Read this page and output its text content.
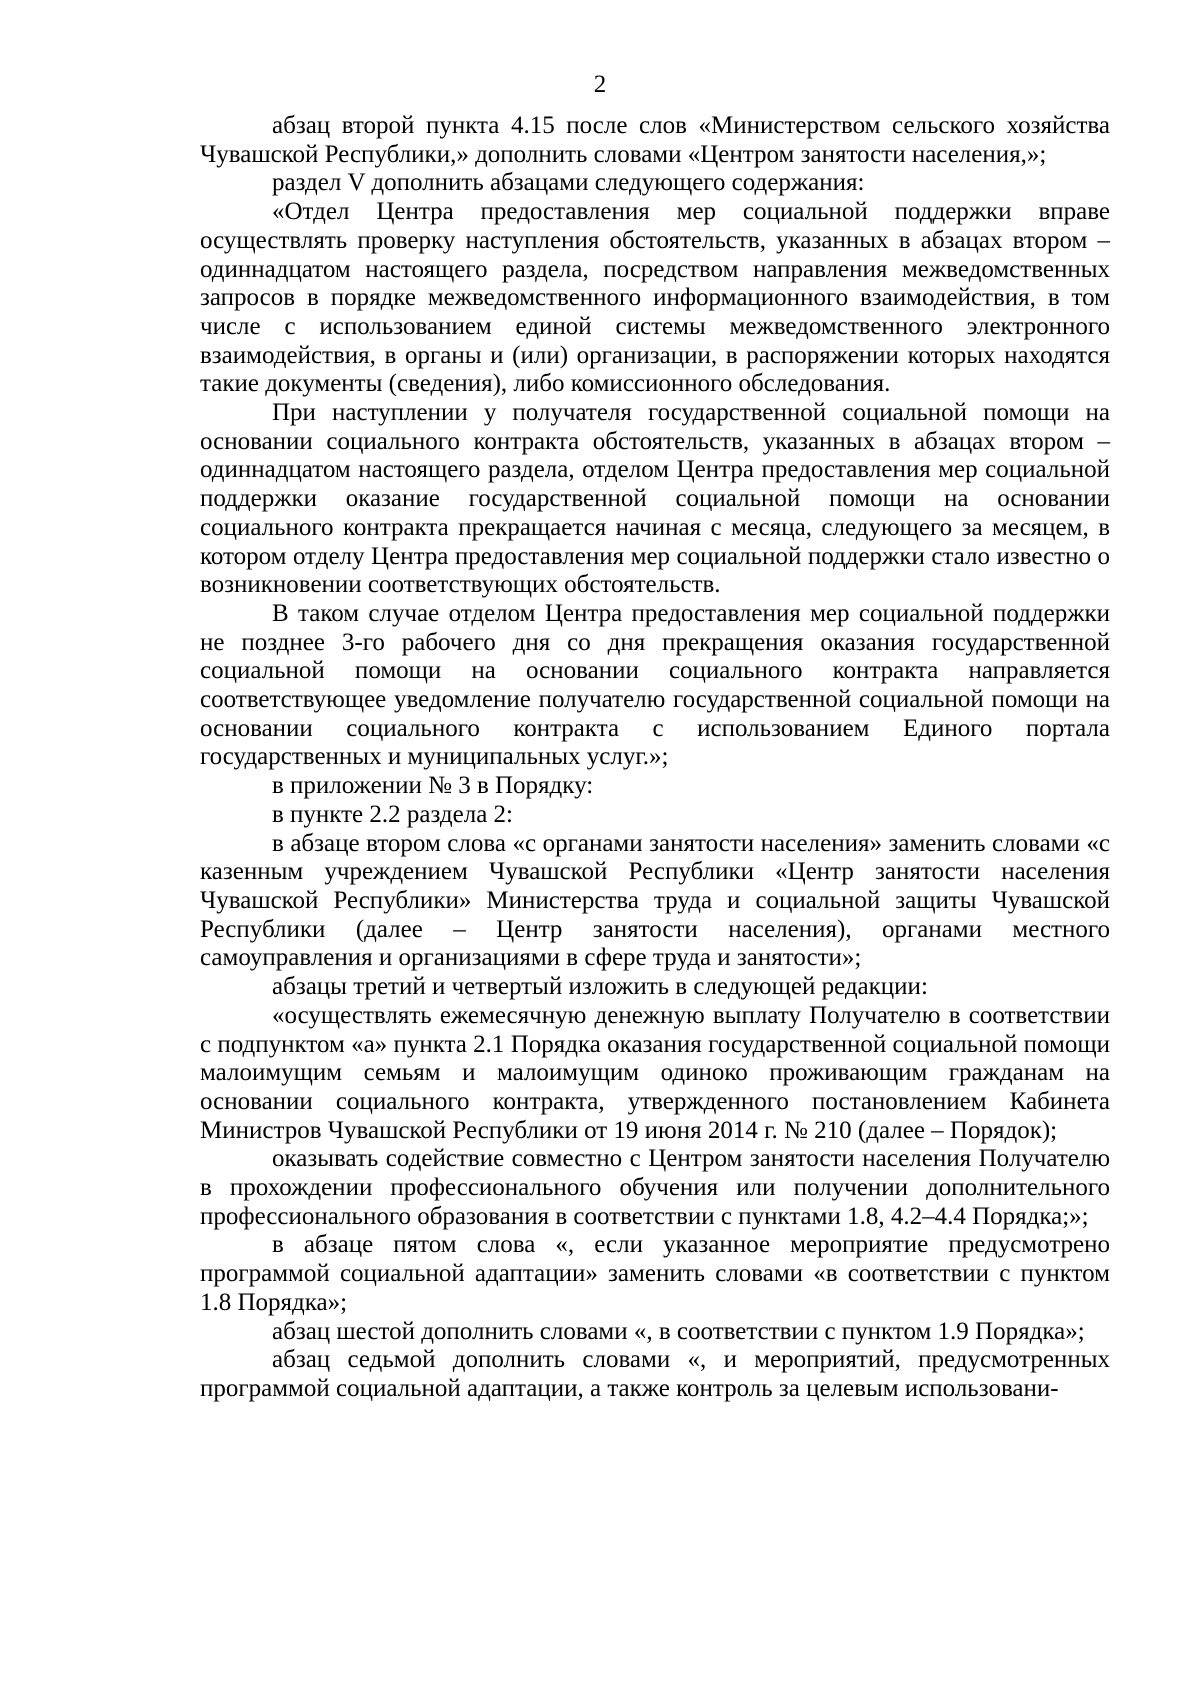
2

абзац второй пункта 4.15 после слов «Министерством сельского хозяйства Чувашской Республики,» дополнить словами «Центром занятости населения,»;

раздел V дополнить абзацами следующего содержания:

«Отдел Центра предоставления мер социальной поддержки вправе осуществлять проверку наступления обстоятельств, указанных в абзацах втором – одиннадцатом настоящего раздела, посредством направления межведомственных запросов в порядке межведомственного информационного взаимодействия, в том числе с использованием единой системы межведомственного электронного взаимодействия, в органы и (или) организации, в распоряжении которых находятся такие документы (сведения), либо комиссионного обследования.

При наступлении у получателя государственной социальной помощи на основании социального контракта обстоятельств, указанных в абзацах втором – одиннадцатом настоящего раздела, отделом Центра предоставления мер социальной поддержки оказание государственной социальной помощи на основании социального контракта прекращается начиная с месяца, следующего за месяцем, в котором отделу Центра предоставления мер социальной поддержки стало известно о возникновении соответствующих обстоятельств.

В таком случае отделом Центра предоставления мер социальной поддержки не позднее 3-го рабочего дня со дня прекращения оказания государственной социальной помощи на основании социального контракта направляется соответствующее уведомление получателю государственной социальной помощи на основании социального контракта с использованием Единого портала государственных и муниципальных услуг.»;

в приложении № 3 в Порядку:

в пункте 2.2 раздела 2:

в абзаце втором слова «с органами занятости населения» заменить словами «с казенным учреждением Чувашской Республики «Центр занятости населения Чувашской Республики» Министерства труда и социальной защиты Чувашской Республики (далее – Центр занятости населения), органами местного самоуправления и организациями в сфере труда и занятости»;

абзацы третий и четвертый изложить в следующей редакции:

«осуществлять ежемесячную денежную выплату Получателю в соответствии с подпунктом «а» пункта 2.1 Порядка оказания государственной социальной помощи малоимущим семьям и малоимущим одиноко проживающим гражданам на основании социального контракта, утвержденного постановлением Кабинета Министров Чувашской Республики от 19 июня 2014 г. № 210 (далее – Порядок);

оказывать содействие совместно с Центром занятости населения Получателю в прохождении профессионального обучения или получении дополнительного профессионального образования в соответствии с пунктами 1.8, 4.2–4.4 Порядка;»;

в абзаце пятом слова «, если указанное мероприятие предусмотрено программой социальной адаптации» заменить словами «в соответствии с пунктом 1.8 Порядка»;

абзац шестой дополнить словами «, в соответствии с пунктом 1.9 Порядка»;

абзац седьмой дополнить словами «, и мероприятий, предусмотренных программой социальной адаптации, а также контроль за целевым использовани-
